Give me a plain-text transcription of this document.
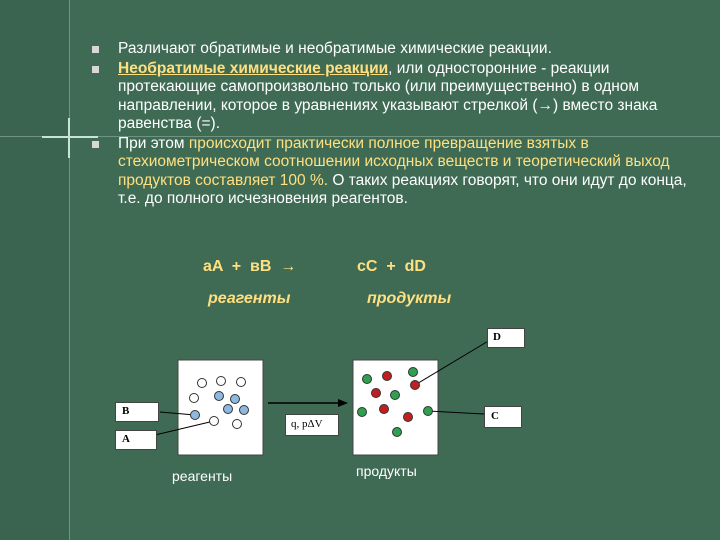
Различают обратимые и необратимые химические реакции.
Необратимые химические реакции, или односторонние - реакции протекающие самопроизвольно только (или преимущественно) в одном направлении, которое в уравнениях указывают стрелкой (→) вместо знака равенства (=).
При этом происходит практически полное превращение взятых в стехиометрическом соотношении исходных веществ и теоретический выход продуктов составляет 100 %. О таких реакциях говорят, что они идут до конца, т.е. до полного исчезновения реагентов.
аA  +  вB  →	cC  +  dD
реагенты	продукты
B
A
D
C
q, pΔV
реагенты	продукты
